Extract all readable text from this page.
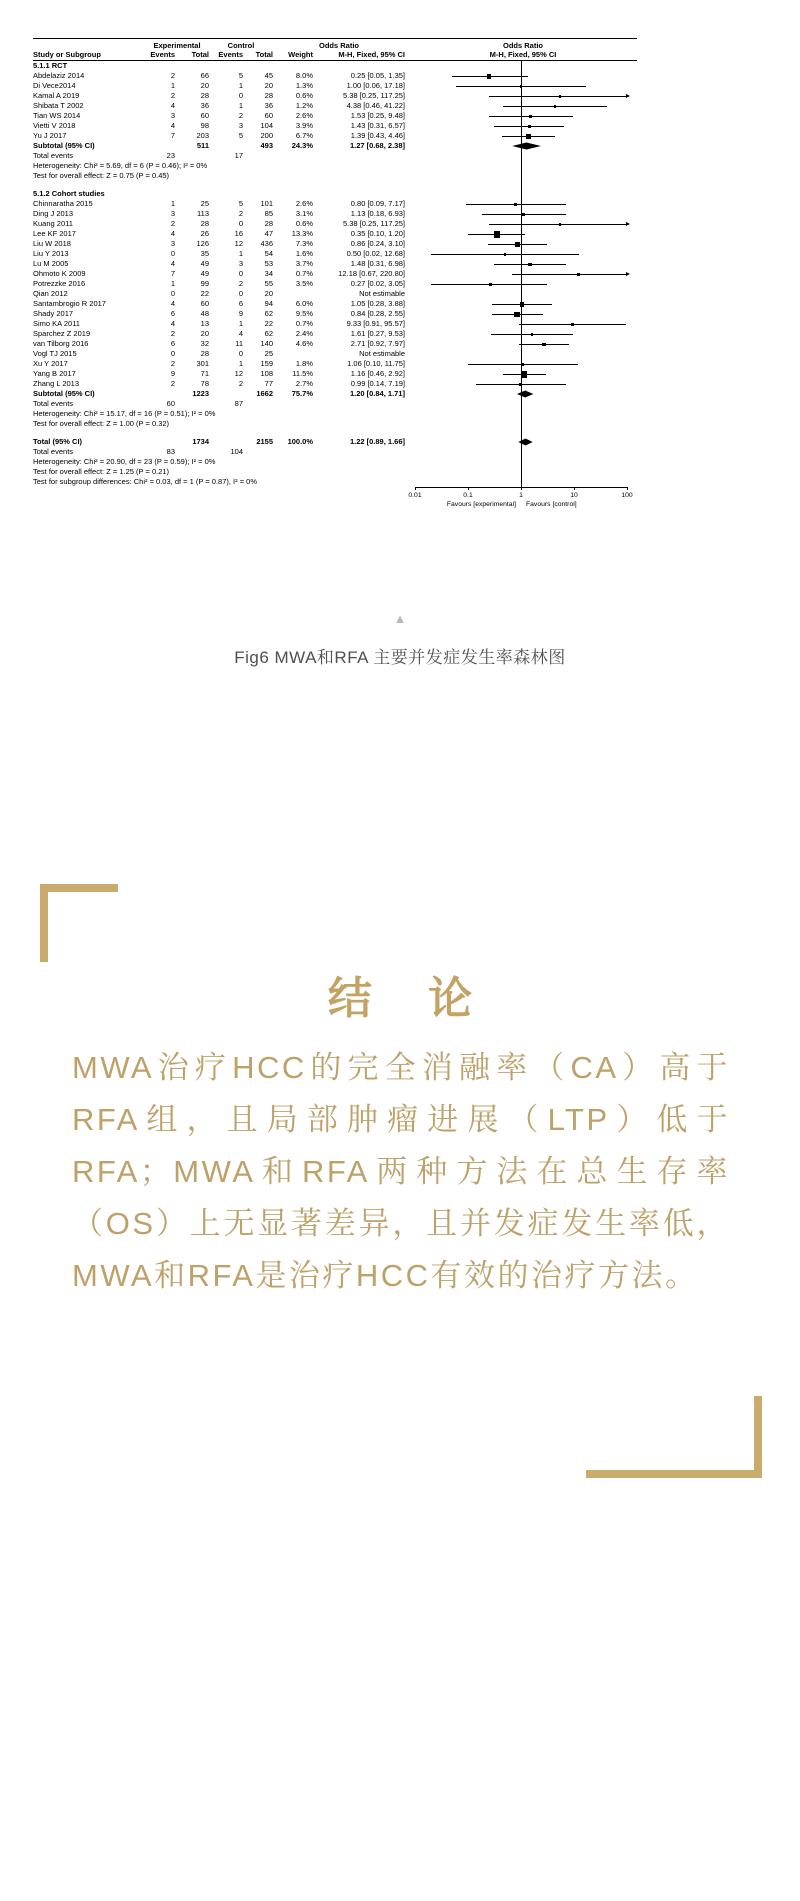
Experimental	Control	Odds Ratio	Odds Ratio
Study or Subgroup	Events	Total	Events	Total	Weight	M-H, Fixed, 95% CI	M-H, Fixed, 95% CI
5.1.1 RCT
Abdelaziz 2014	2	66	5	45	8.0%	0.25 [0.05, 1.35]
Di Vece2014	1	20	1	20	1.3%	1.00 [0.06, 17.18]
Kamal A 2019	2	28	0	28	0.6%	5.38 [0.25, 117.25]
Shibata T 2002	4	36	1	36	1.2%	4.38 [0.46, 41.22]
Tian WS 2014	3	60	2	60	2.6%	1.53 [0.25, 9.48]
Vietti V 2018	4	98	3	104	3.9%	1.43 [0.31, 6.57]
Yu J 2017	7	203	5	200	6.7%	1.39 [0.43, 4.46]
Subtotal (95% CI)	511	493	24.3%	1.27 [0.68, 2.38]
Total events	23	17
Heterogeneity: Chi² = 5.69, df = 6 (P = 0.46); I² = 0%
Test for overall effect: Z = 0.75 (P = 0.45)
5.1.2 Cohort studies
Chinnaratha 2015	1	25	5	101	2.6%	0.80 [0.09, 7.17]
Ding J 2013	3	113	2	85	3.1%	1.13 [0.18, 6.93]
Kuang 2011	2	28	0	28	0.6%	5.38 [0.25, 117.25]
Lee KF 2017	4	26	16	47	13.3%	0.35 [0.10, 1.20]
Liu W 2018	3	126	12	436	7.3%	0.86 [0.24, 3.10]
Liu Y 2013	0	35	1	54	1.6%	0.50 [0.02, 12.68]
Lu M 2005	4	49	3	53	3.7%	1.48 [0.31, 6.98]
Ohmoto K 2009	7	49	0	34	0.7%	12.18 [0.67, 220.80]
Potrezzke 2016	1	99	2	55	3.5%	0.27 [0.02, 3.05]
Qian 2012	0	22	0	20	Not estimable
Santambrogio R 2017	4	60	6	94	6.0%	1.05 [0.28, 3.88]
Shady 2017	6	48	9	62	9.5%	0.84 [0.28, 2.55]
Simo KA 2011	4	13	1	22	0.7%	9.33 [0.91, 95.57]
Sparchez Z 2019	2	20	4	62	2.4%	1.61 [0.27, 9.53]
van Tilborg 2016	6	32	11	140	4.6%	2.71 [0.92, 7.97]
Vogl TJ 2015	0	28	0	25	Not estimable
Xu Y 2017	2	301	1	159	1.8%	1.06 [0.10, 11.75]
Yang B 2017	9	71	12	108	11.5%	1.16 [0.46, 2.92]
Zhang L 2013	2	78	2	77	2.7%	0.99 [0.14, 7.19]
Subtotal (95% CI)	1223	1662	75.7%	1.20 [0.84, 1.71]
Total events	60	87
Heterogeneity: Chi² = 15.17, df = 16 (P = 0.51); I² = 0%
Test for overall effect: Z = 1.00 (P = 0.32)
Total (95% CI)	1734	2155	100.0%	1.22 [0.89, 1.66]
Total events	83	104
Heterogeneity: Chi² = 20.90, df = 23 (P = 0.59); I² = 0%
Test for overall effect: Z = 1.25 (P = 0.21)
Test for subgroup differences: Chi² = 0.03, df = 1 (P = 0.87), I² = 0%
0.01	0.1	1	10	100
Favours [experimental] Favours [control]
▲
Fig6 MWA和RFA 主要并发症发生率森林图
结 论
MWA治疗HCC的完全消融率（CA）高于RFA组，且局部肿瘤进展（LTP）低于RFA；MWA和RFA两种方法在总生存率（OS）上无显著差异，且并发症发生率低，MWA和RFA是治疗HCC有效的治疗方法。
